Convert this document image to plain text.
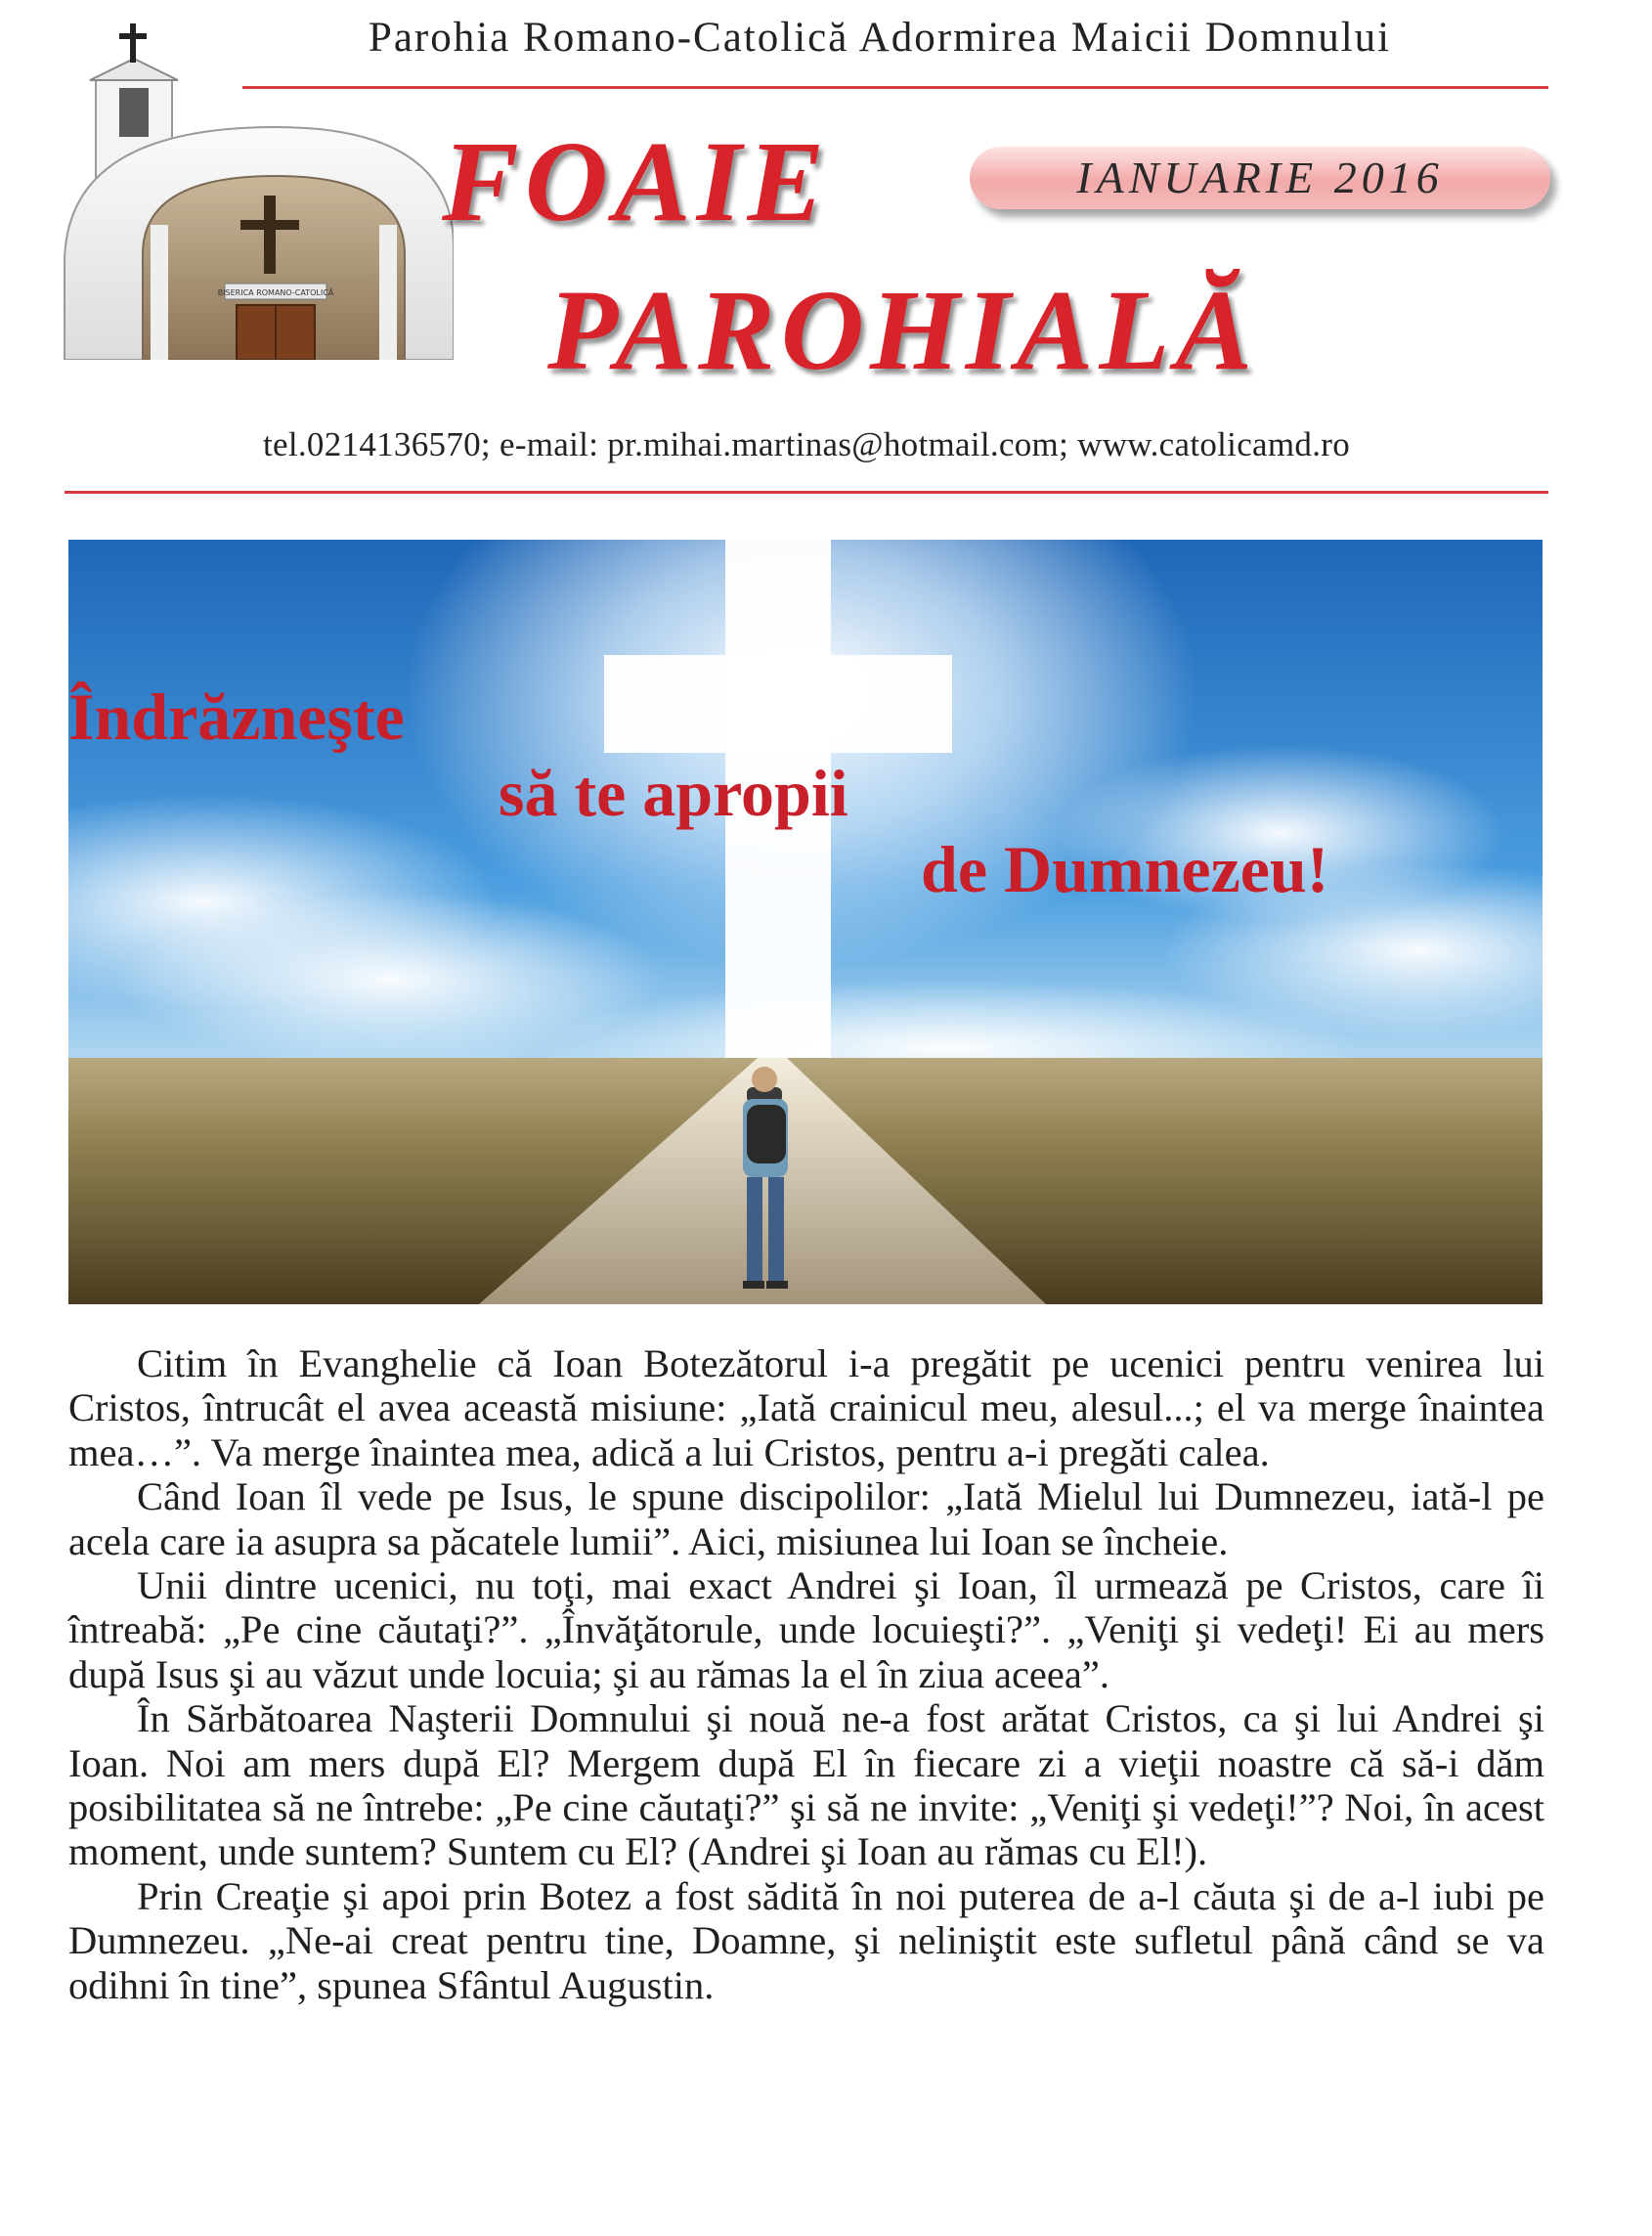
BISERICA ROMANO-CATOLICĂ
Parohia Romano-Catolică Adormirea Maicii Domnului
FOAIE
PAROHIALĂ
IANUARIE 2016
tel.0214136570; e-mail: pr.mihai.martinas@hotmail.com; www.catolicamd.ro
Îndrăzneşte
să te apropii
de Dumnezeu!

Citim în Evanghelie că Ioan Botezătorul i-a pregătit pe ucenici pentru venirea lui Cristos, întrucât el avea această misiune: „Iată crainicul meu, alesul...; el va merge înaintea mea…”. Va merge înaintea mea, adică a lui Cristos, pentru a-i pregăti calea.

Când Ioan îl vede pe Isus, le spune discipolilor: „Iată Mielul lui Dumnezeu, iată-l pe acela care ia asupra sa păcatele lumii”. Aici, misiunea lui Ioan se încheie.

Unii dintre ucenici, nu toţi, mai exact Andrei şi Ioan, îl urmează pe Cristos, care îi întreabă: „Pe cine căutaţi?”. „Învăţătorule, unde locuieşti?”. „Veniţi şi vedeţi! Ei au mers după Isus şi au văzut unde locuia; şi au rămas la el în ziua aceea”.

În Sărbătoarea Naşterii Domnului şi nouă ne-a fost arătat Cristos, ca şi lui Andrei şi Ioan. Noi am mers după El? Mergem după El în fiecare zi a vieţii noastre că să-i dăm posibilitatea să ne întrebe: „Pe cine căutaţi?” şi să ne invite: „Veniţi şi vedeţi!”? Noi, în acest moment, unde suntem? Suntem cu El? (Andrei şi Ioan au rămas cu El!).

Prin Creaţie şi apoi prin Botez a fost sădită în noi puterea de a-l căuta şi de a-l iubi pe Dumnezeu. „Ne-ai creat pentru tine, Doamne, şi neliniştit este sufletul până când se va odihni în tine”, spunea Sfântul Augustin.
